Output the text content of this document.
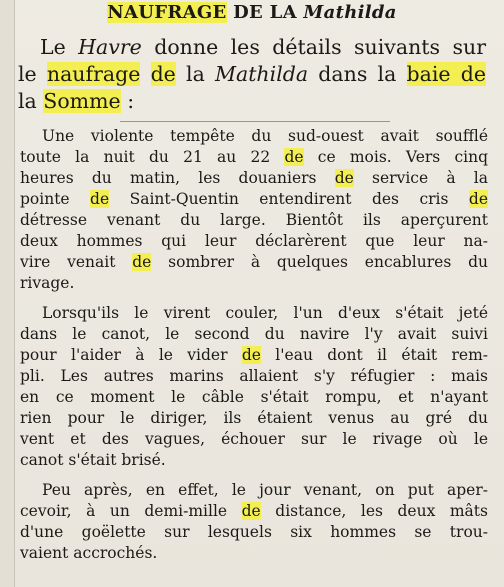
NAUFRAGE DE LA Mathilda
Le Havre donne les détails suivants sur
le naufrage de la Mathilda dans la baie de
la Somme :
Une violente tempête du sud-ouest avait soufflé
toute la nuit du 21 au 22 de ce mois. Vers cinq
heures du matin, les douaniers de service à la
pointe de Saint-Quentin entendirent des cris de
détresse venant du large. Bientôt ils aperçurent
deux hommes qui leur déclarèrent que leur na-
vire venait de sombrer à quelques encablures du
rivage.
Lorsqu'ils le virent couler, l'un d'eux s'était jeté
dans le canot, le second du navire l'y avait suivi
pour l'aider à le vider de l'eau dont il était rem-
pli. Les autres marins allaient s'y réfugier : mais
en ce moment le câble s'était rompu, et n'ayant
rien pour le diriger, ils étaient venus au gré du
vent et des vagues, échouer sur le rivage où le
canot s'était brisé.
Peu après, en effet, le jour venant, on put aper-
cevoir, à un demi-mille de distance, les deux mâts
d'une goëlette sur lesquels six hommes se trou-
vaient accrochés.
